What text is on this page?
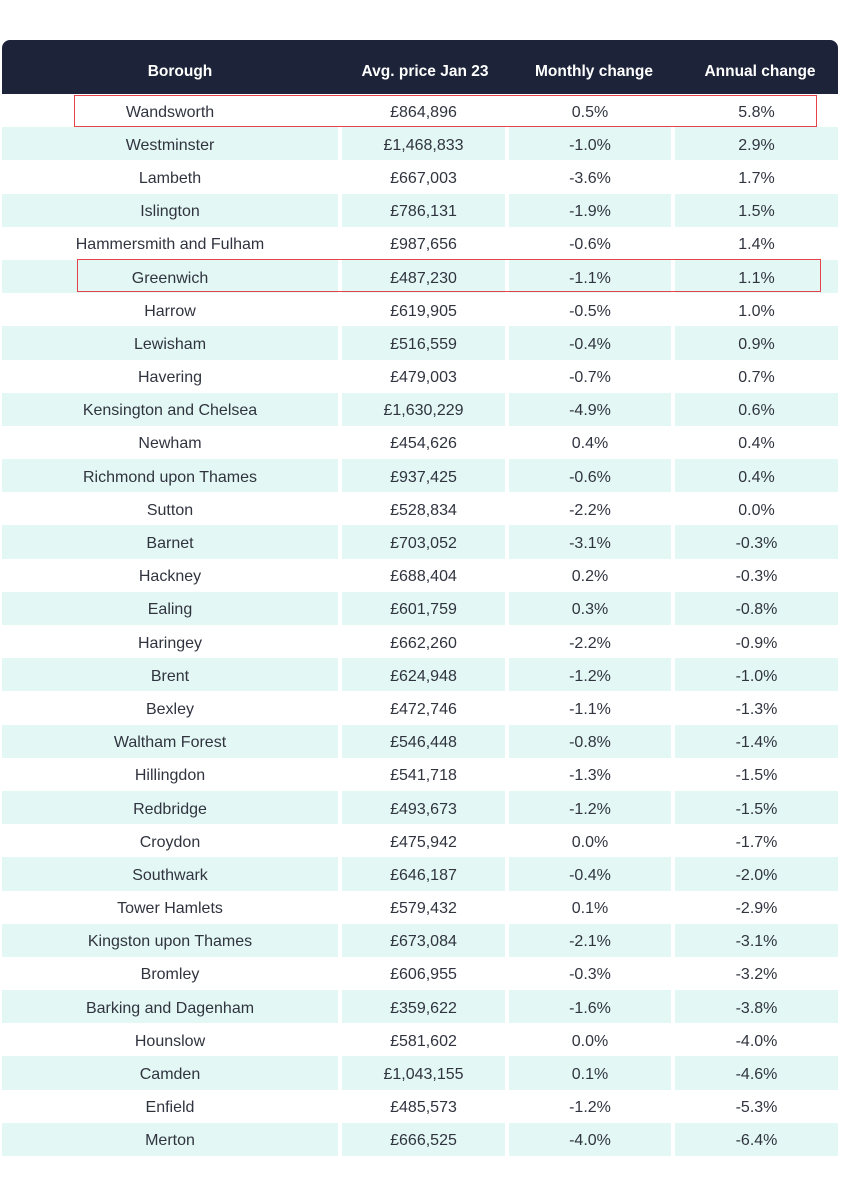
Borough	Avg. price Jan 23	Monthly change	Annual change
Wandsworth	£864,896	0.5%	5.8%
Westminster	£1,468,833	-1.0%	2.9%
Lambeth	£667,003	-3.6%	1.7%
Islington	£786,131	-1.9%	1.5%
Hammersmith and Fulham	£987,656	-0.6%	1.4%
Greenwich	£487,230	-1.1%	1.1%
Harrow	£619,905	-0.5%	1.0%
Lewisham	£516,559	-0.4%	0.9%
Havering	£479,003	-0.7%	0.7%
Kensington and Chelsea	£1,630,229	-4.9%	0.6%
Newham	£454,626	0.4%	0.4%
Richmond upon Thames	£937,425	-0.6%	0.4%
Sutton	£528,834	-2.2%	0.0%
Barnet	£703,052	-3.1%	-0.3%
Hackney	£688,404	0.2%	-0.3%
Ealing	£601,759	0.3%	-0.8%
Haringey	£662,260	-2.2%	-0.9%
Brent	£624,948	-1.2%	-1.0%
Bexley	£472,746	-1.1%	-1.3%
Waltham Forest	£546,448	-0.8%	-1.4%
Hillingdon	£541,718	-1.3%	-1.5%
Redbridge	£493,673	-1.2%	-1.5%
Croydon	£475,942	0.0%	-1.7%
Southwark	£646,187	-0.4%	-2.0%
Tower Hamlets	£579,432	0.1%	-2.9%
Kingston upon Thames	£673,084	-2.1%	-3.1%
Bromley	£606,955	-0.3%	-3.2%
Barking and Dagenham	£359,622	-1.6%	-3.8%
Hounslow	£581,602	0.0%	-4.0%
Camden	£1,043,155	0.1%	-4.6%
Enfield	£485,573	-1.2%	-5.3%
Merton	£666,525	-4.0%	-6.4%
